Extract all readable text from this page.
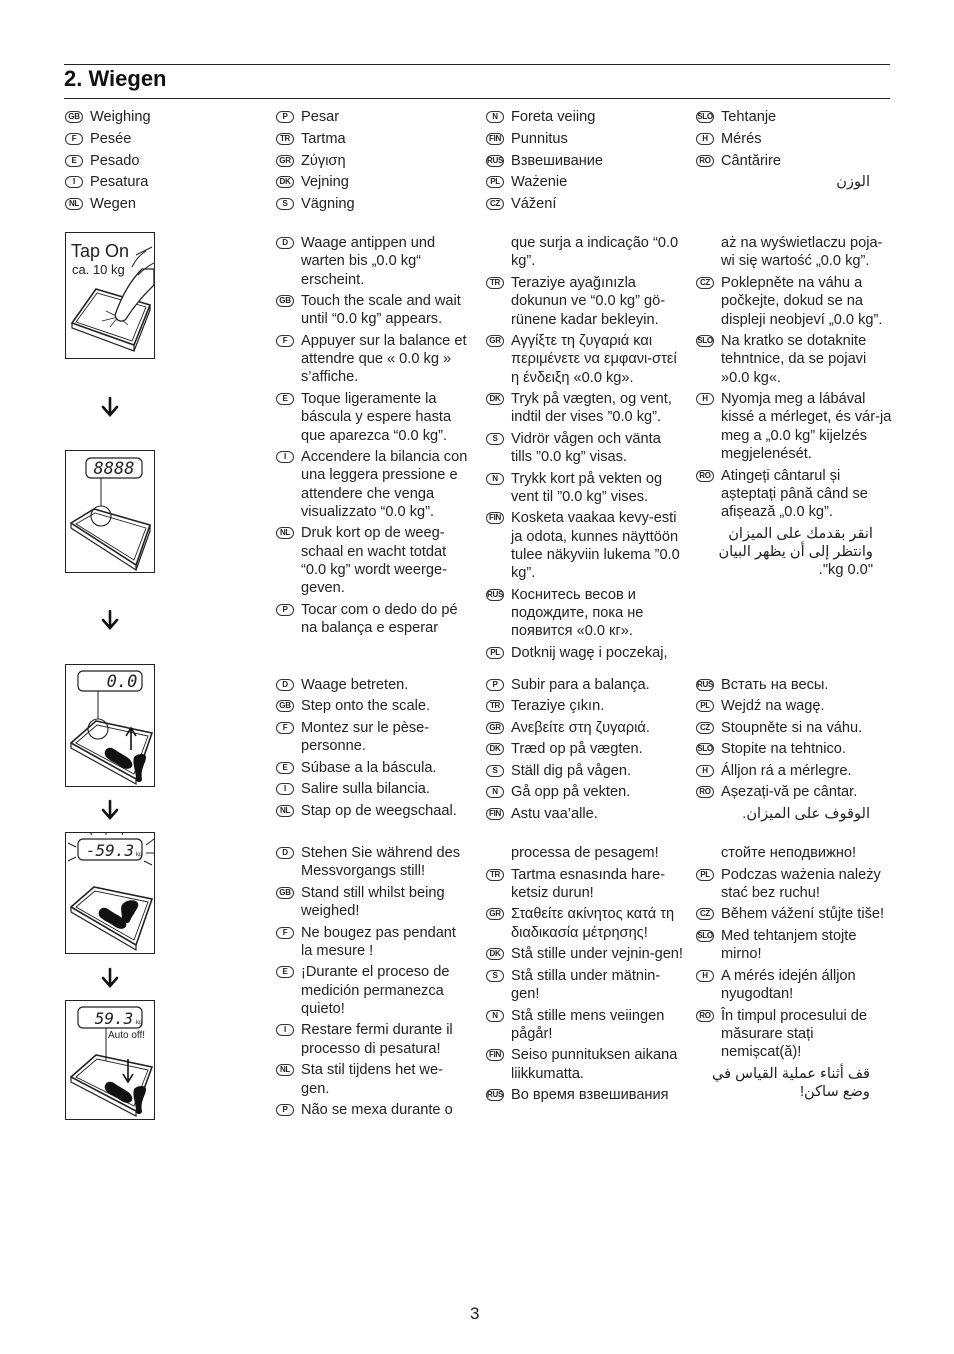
2. Wiegen
GB Weighing
F Pesée
E Pesado
I	Pesatura
NL Wegen
P Pesar
TR Tartma
GR Ζύγιση
DK Vejning
S Vägning
N Foreta veiing
FIN Punnitus
RUS Взвешивание
PL Ważenie
CZ Vážení
SLO Tehtanje
H Mérés
RO Cântărire
الوزن
D Waage antippen und warten bis „0.0 kg“ erscheint.
GB Touch the scale and wait until “0.0 kg” appears.
F Appuyer sur la balance et attendre que « 0.0 kg » s’affiche.
E Toque ligeramente la báscula y espere hasta que aparezca “0.0 kg”.
I	Accendere la bilancia con una leggera pressione e attendere che venga visualizzato “0.0 kg”.
NL Druk kort op de weeg-schaal en wacht totdat “0.0 kg” wordt weerge-geven.
P Tocar com o dedo do pé na balança e esperar
que surja a indicação “0.0 kg”.
TR Teraziye ayağınızla dokunun ve “0.0 kg” gö-rünene kadar bekleyin.
GR Αγγίξτε τη ζυγαριά και περιμένετε να εμφανι-στεί η ένδειξη «0.0 kg».
DK Tryk på vægten, og vent, indtil der vises ”0.0 kg”.
S Vidrör vågen och vänta tills ”0.0 kg” visas.
N Trykk kort på vekten og vent til ”0.0 kg” vises.
FIN Kosketa vaakaa kevy-esti ja odota, kunnes näyttöön tulee näkyviin lukema ”0.0 kg”.
RUS Коснитесь весов и подождите, пока не появится «0.0 кг».
PL Dotknij wagę i poczekaj,
aż na wyświetlaczu poja-wi się wartość „0.0 kg”.
CZ Poklepněte na váhu a počkejte, dokud se na displeji neobjeví „0.0 kg”.
SLO Na kratko se dotaknite tehntnice, da se pojavi »0.0 kg«.
H Nyomja meg a lábával kissé a mérleget, és vár-ja meg a „0.0 kg” kijelzés megjelenését.
RO Atingeți cântarul și așteptați până când se afișează „0.0 kg”.
انقر بقدمك على الميزان وانتظر إلى أن يظهر البيان "0.0 kg".
D Waage betreten.
GB Step onto the scale.
F Montez sur le pèse-personne.
E Súbase a la báscula.
I	Salire sulla bilancia.
NL Stap op de weegschaal.
P Subir para a balança.
TR Teraziye çıkın.
GR Ανεβείτε στη ζυγαριά.
DK Træd op på vægten.
S Ställ dig på vågen.
N Gå opp på vekten.
FIN Astu vaa’alle.
RUS Встать на весы.
PL Wejdź na wagę.
CZ Stoupněte si na váhu.
SLO Stopite na tehtnico.
H Álljon rá a mérlegre.
RO Așezați-vă pe cântar.
الوقوف على الميزان.
D Stehen Sie während des Messvorgangs still!
GB Stand still whilst being weighed!
F Ne bougez pas pendant la mesure !
E ¡Durante el proceso de medición permanezca quieto!
I	Restare fermi durante il processo di pesatura!
NL Sta stil tijdens het we-gen.
P Não se mexa durante o
processa de pesagem!
TR Tartma esnasında hare-ketsiz durun!
GR Σταθείτε ακίνητος κατά τη διαδικασία μέτρησης!
DK Stå stille under vejnin-gen!
S Stå stilla under mätnin-gen!
N Stå stille mens veiingen pågår!
FIN Seiso punnituksen aikana liikkumatta.
RUS Во время взвешивания
стойте неподвижно!
PL Podczas ważenia należy stać bez ruchu!
CZ Během vážení stůjte tiše!
SLO Med tehtanjem stojte mirno!
H A mérés idején álljon nyugodtan!
RO În timpul procesului de măsurare stați nemișcat(ă)!
قف أثناء عملية القياس في وضع ساكن!
Tap On
ca. 10 kg
8888
0.0
-59.3 kg
59.3 kg
Auto off!
3
